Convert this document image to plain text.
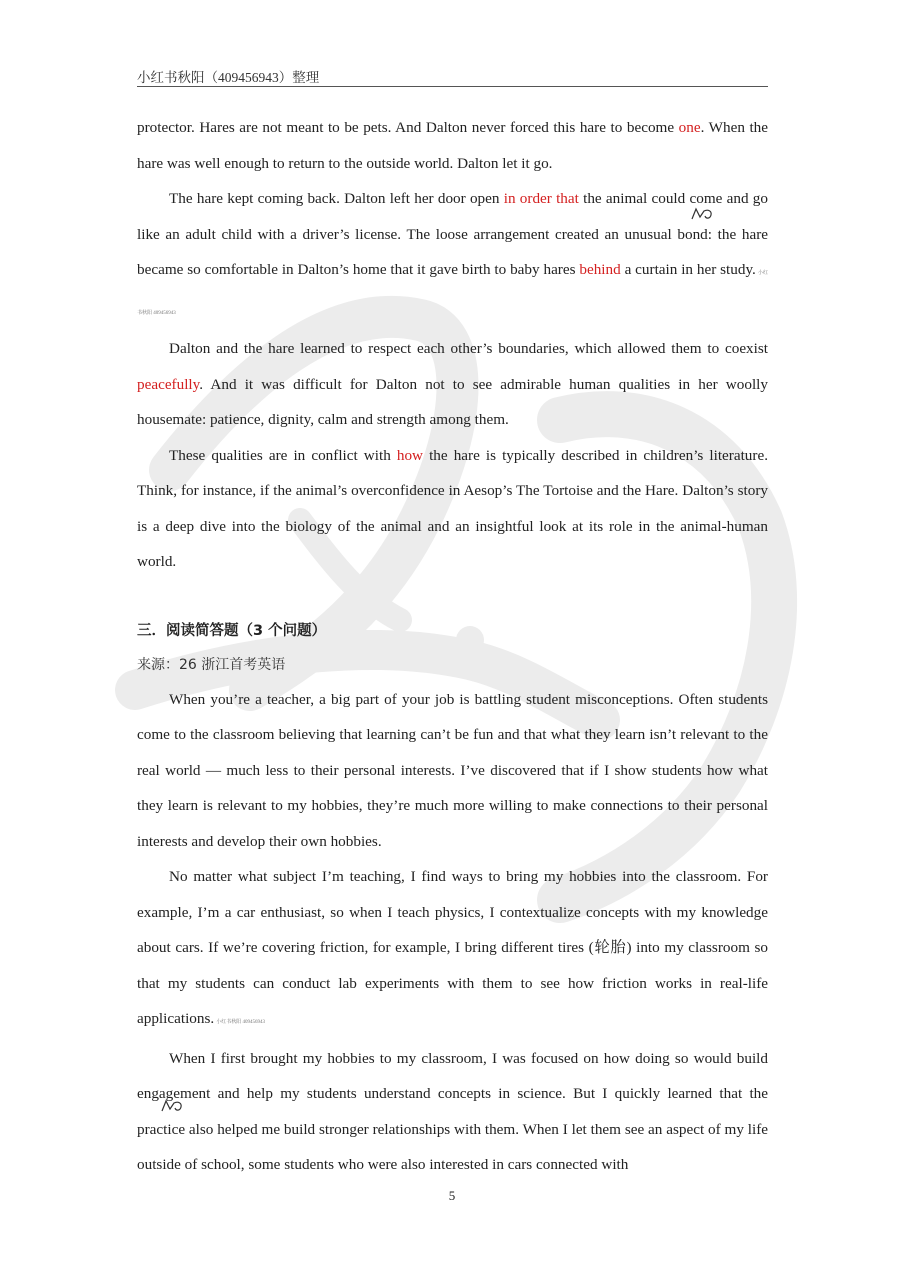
小红书秋阳（409456943）整理

protector. Hares are not meant to be pets. And Dalton never forced this hare to become one. When the hare was well enough to return to the outside world. Dalton let it go.

The hare kept coming back. Dalton left her door open in order that the animal could come and go like an adult child with a driver’s license. The loose arrangement created an unusual bond: the hare became so comfortable in Dalton’s home that it gave birth to baby hares behind a curtain in her study. 小红书秋阳 409456943

Dalton and the hare learned to respect each other’s boundaries, which allowed them to coexist peacefully. And it was difficult for Dalton not to see admirable human qualities in her woolly housemate: patience, dignity, calm and strength among them.

These qualities are in conflict with how the hare is typically described in children’s literature. Think, for instance, if the animal’s overconfidence in Aesop’s The Tortoise and the Hare. Dalton’s story is a deep dive into the biology of the animal and an insightful look at its role in the animal-human world.

三．阅读简答题（3 个问题）
来源：26 浙江首考英语

When you’re a teacher, a big part of your job is battling student misconceptions. Often students come to the classroom believing that learning can’t be fun and that what they learn isn’t relevant to the real world — much less to their personal interests. I’ve discovered that if I show students how what they learn is relevant to my hobbies, they’re much more willing to make connections to their personal interests and develop their own hobbies.

No matter what subject I’m teaching, I find ways to bring my hobbies into the classroom. For example, I’m a car enthusiast, so when I teach physics, I contextualize concepts with my knowledge about cars. If we’re covering friction, for example, I bring different tires (轮胎) into my classroom so that my students can conduct lab experiments with them to see how friction works in real-life applications. 小红书秋阳 409456943

When I first brought my hobbies to my classroom, I was focused on how doing so would build engagement and help my students understand concepts in science. But I quickly learned that the practice also helped me build stronger relationships with them. When I let them see an aspect of my life outside of school, some students who were also interested in cars connected with

5
